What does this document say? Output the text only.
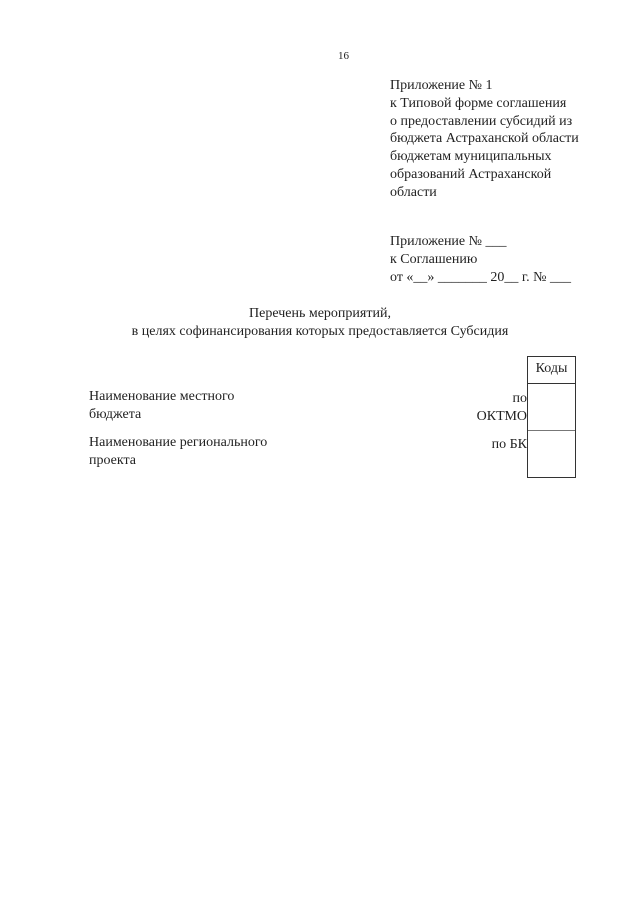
16
Приложение № 1
к Типовой форме соглашения
о предоставлении субсидий из
бюджета Астраханской области
бюджетам муниципальных
образований Астраханской
области
Приложение № ___
к Соглашению
от «__» _______ 20__ г. № ___
Перечень мероприятий,
в целях софинансирования которых предоставляется Субсидия
Наименование местного
бюджета
по
ОКТМО
Наименование регионального
проекта
по БК
Коды
